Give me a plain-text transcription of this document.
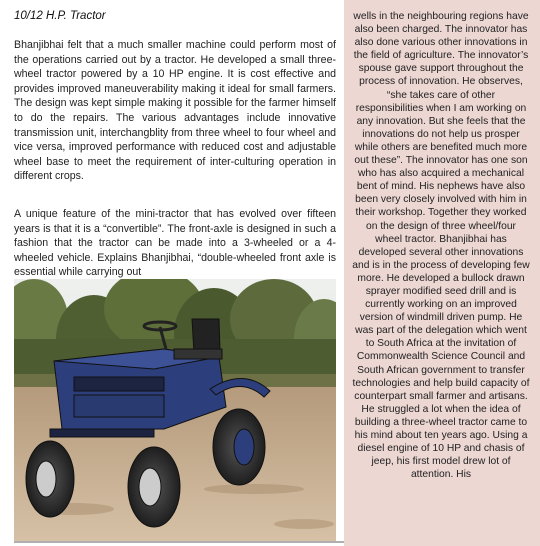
10/12 H.P. Tractor

Bhanjibhai felt that a much smaller machine could perform most of the operations carried out by a tractor. He developed a small three-wheel tractor powered by a 10 HP engine. It is cost effective and provides improved maneuverability making it ideal for small farmers. The design was kept simple making it possible for the farmer himself to do the repairs. The various advantages include innovative transmission unit, interchangblity from three wheel to four wheel and vice versa, improved performance with reduced cost and adjustable wheel base to meet the requirement of inter-culturing operation in different crops.

A unique feature of the mini-tractor that has evolved over fifteen years is that it is a “convertible”. The front-axle is designed in such a fashion that the tractor can be made into a 3-wheeled or a 4-wheeled vehicle. Explains Bhanjibhai, “double-wheeled front axle is essential while carrying out

wells in the neighbouring regions have also been charged. The innovator has also done various other innovations in the field of agriculture. The innovator’s spouse gave support throughout the process of innovation. He observes, “she takes care of other responsibilities when I am working on any innovation. But she feels that the innovations do not help us prosper while others are benefited much more out these”. The innovator has one son who has also acquired a mechanical bent of mind. His nephews have also been very closely involved with him in their workshop. Together they worked on the design of three wheel/four wheel tractor. Bhanjibhai has developed several other innovations and is in the process of developing few more. He developed a bullock drawn sprayer modified seed drill and is currently working on an improved version of windmill driven pump. He was part of the delegation which went to South Africa at the invitation of Commonwealth Science Council and South African government to transfer technologies and help build capacity of counterpart small farmer and artisans. He struggled a lot when the idea of building a three-wheel tractor came to his mind about ten years ago. Using a diesel engine of 10 HP and chasis of jeep, his first model drew lot of attention. His
